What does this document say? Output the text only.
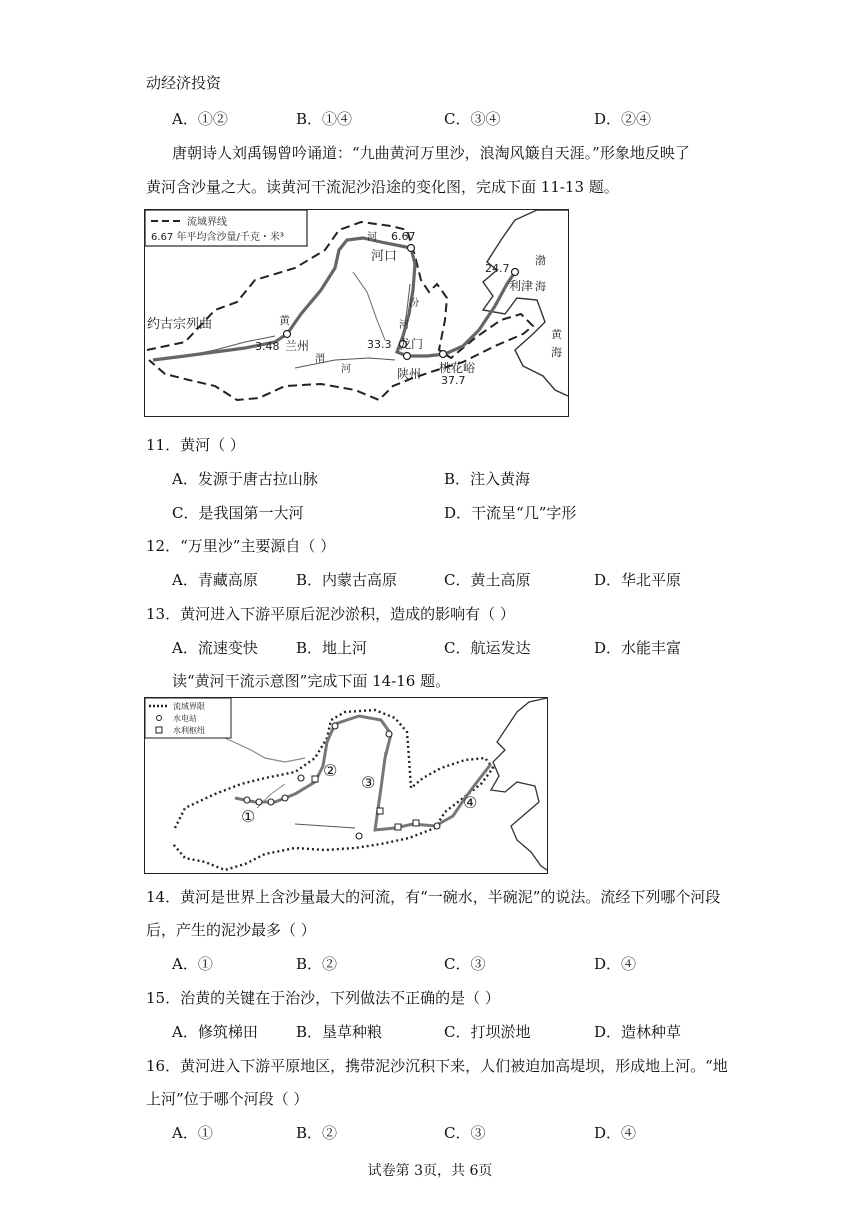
动经济投资
A．①②	B．①④	C．③④	D．②④
唐朝诗人刘禹锡曾吟诵道：“九曲黄河万里沙，浪淘风簸自天涯。”形象地反映了
黄河含沙量之大。读黄河干流泥沙沿途的变化图，完成下面 11-13 题。
流域界线
6.67 年平均含沙量/千克・米³
约古宗列曲	黄
3.48 兰州
河 6.67
河口
汾
河
渭
河
33.3 龙门
陕州 桃花峪
37.7
24.7
利津
渤
海
黄
海
11．黄河（ ）
A．发源于唐古拉山脉	B．注入黄海
C．是我国第一大河	D．干流呈“几”字形
12．“万里沙”主要源自（ ）
A．青藏高原	B．内蒙古高原	C．黄土高原	D．华北平原
13．黄河进入下游平原后泥沙淤积，造成的影响有（ ）
A．流速变快	B．地上河	C．航运发达	D．水能丰富
读“黄河干流示意图”完成下面 14-16 题。
流域界限
水电站
水利枢纽
①
②
③
④
14．黄河是世界上含沙量最大的河流，有“一碗水，半碗泥”的说法。流经下列哪个河段
后，产生的泥沙最多（ ）
A．①	B．②	C．③	D．④
15．治黄的关键在于治沙，下列做法不正确的是（ ）
A．修筑梯田	B．垦草种粮	C．打坝淤地	D．造林种草
16．黄河进入下游平原地区，携带泥沙沉积下来，人们被迫加高堤坝，形成地上河。“地
上河”位于哪个河段（ ）
A．①	B．②	C．③	D．④
试卷第 3页，共 6页
